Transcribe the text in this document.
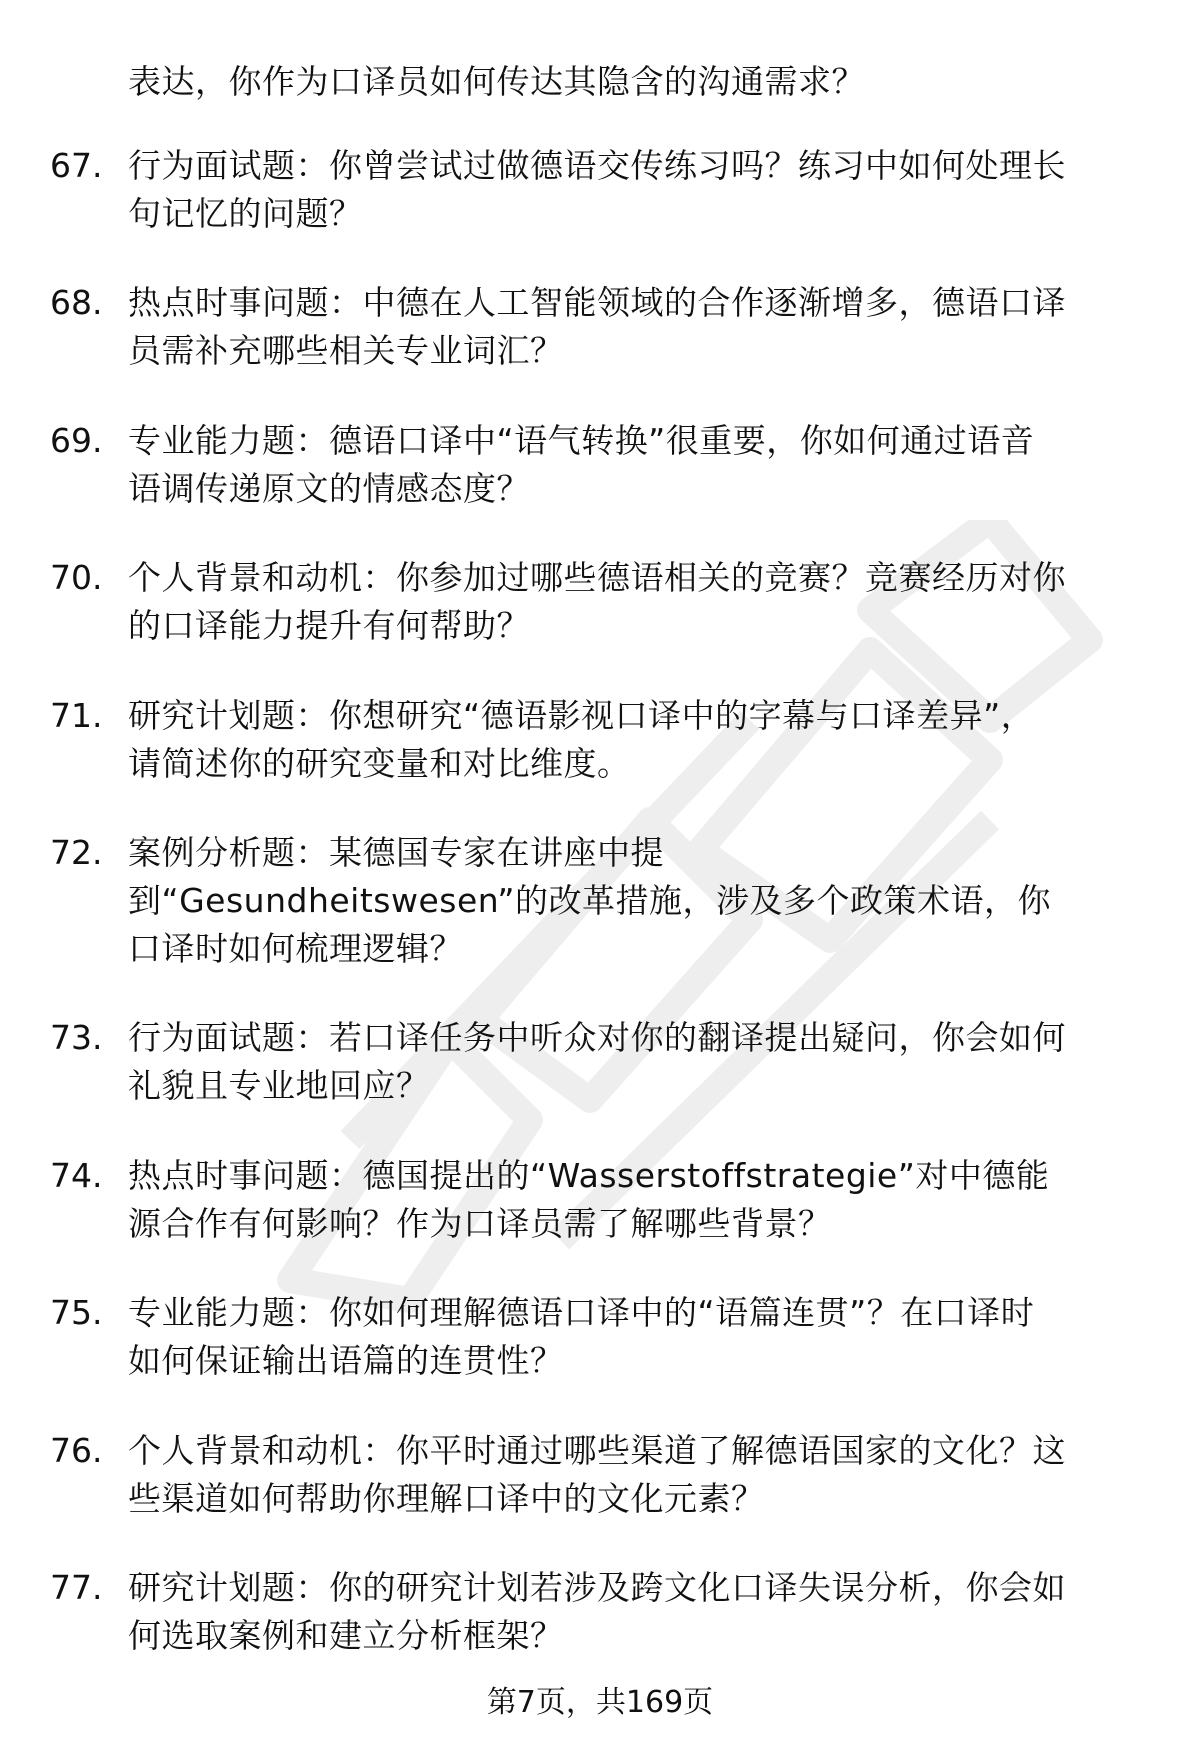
表达，你作为口译员如何传达其隐含的沟通需求？
67. 行为面试题：你曾尝试过做德语交传练习吗？练习中如何处理长
句记忆的问题？
68. 热点时事问题：中德在人工智能领域的合作逐渐增多，德语口译
员需补充哪些相关专业词汇？
69. 专业能力题：德语口译中“语气转换”很重要，你如何通过语音
语调传递原文的情感态度？
70. 个人背景和动机：你参加过哪些德语相关的竞赛？竞赛经历对你
的口译能力提升有何帮助？
71. 研究计划题：你想研究“德语影视口译中的字幕与口译差异”，
请简述你的研究变量和对比维度。
72. 案例分析题：某德国专家在讲座中提
到“Gesundheitswesen”的改革措施，涉及多个政策术语，你
口译时如何梳理逻辑？
73. 行为面试题：若口译任务中听众对你的翻译提出疑问，你会如何
礼貌且专业地回应？
74. 热点时事问题：德国提出的“Wasserstoffstrategie”对中德能
源合作有何影响？作为口译员需了解哪些背景？
75. 专业能力题：你如何理解德语口译中的“语篇连贯”？在口译时
如何保证输出语篇的连贯性？
76. 个人背景和动机：你平时通过哪些渠道了解德语国家的文化？这
些渠道如何帮助你理解口译中的文化元素？
77. 研究计划题：你的研究计划若涉及跨文化口译失误分析，你会如
何选取案例和建立分析框架？
第7页，共169页
